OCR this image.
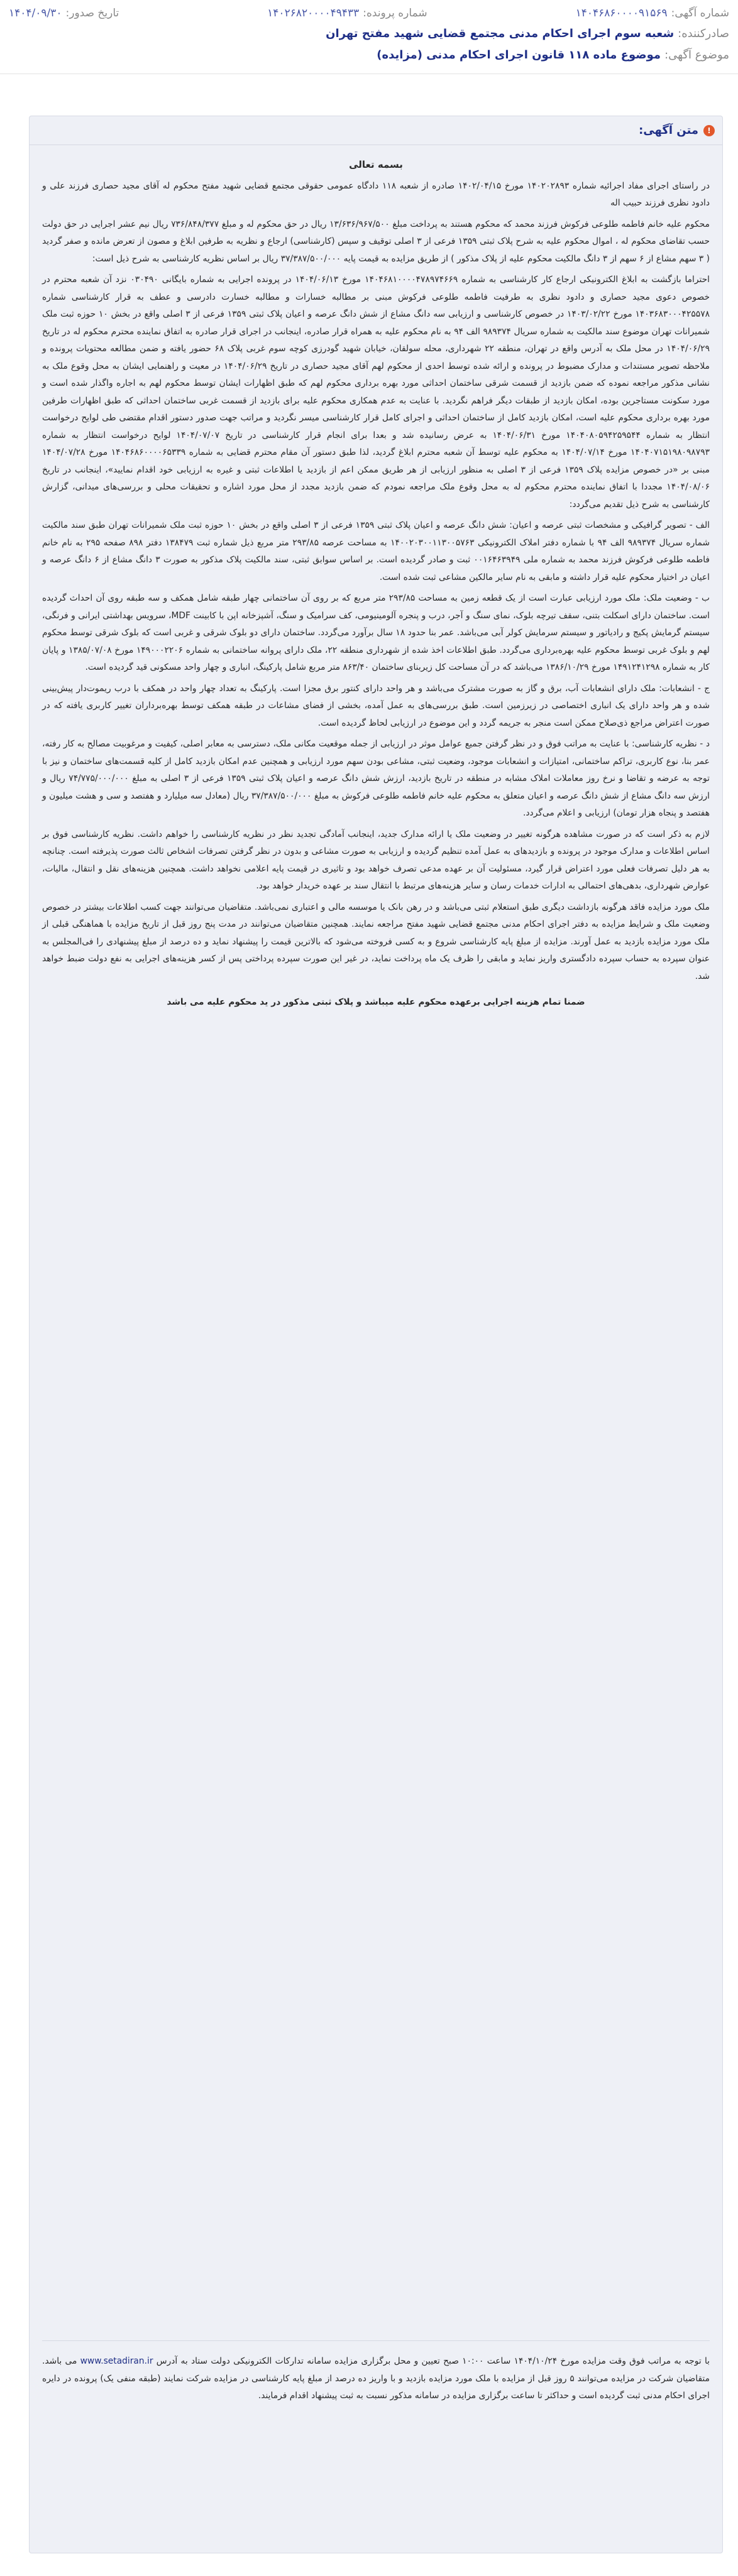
شماره آگهی:
۱۴۰۴۶۸۶۰۰۰۰۹۱۵۶۹
شماره پرونده:
۱۴۰۲۶۸۲۰۰۰۰۴۹۴۳۳
تاریخ صدور:
۱۴۰۴/۰۹/۳۰
صادرکننده:
شعبه سوم اجرای احکام مدنی مجتمع قضایی شهید مفتح تهران
موضوع آگهی:
موضوع ماده ۱۱۸ قانون اجرای احکام مدنی (مزایده)
!
متن آگهی:

بسمه تعالی

در راستای اجرای مفاد اجرائیه شماره ۱۴۰۲۰۲۸۹۳ مورخ ۱۴۰۲/۰۴/۱۵ صادره از شعبه ۱۱۸ دادگاه عمومی حقوقی مجتمع قضایی شهید مفتح محکوم له آقای مجید حصاری فرزند علی و دادود نظری فرزند حبیب اله

محکوم علیه خانم فاطمه طلوعی فرکوش فرزند محمد که محکوم هستند به پرداخت مبلغ ۱۳/۶۳۶/۹۶۷/۵۰۰ ریال در حق محکوم له و مبلغ ۷۳۶/۸۴۸/۳۷۷ ریال نیم عشر اجرایی در حق دولت حسب تقاضای محکوم له ، اموال محکوم علیه به شرح پلاک ثبتی ۱۳۵۹ فرعی از ۳ اصلی توقیف و سپس (کارشناسی) ارجاع و نظریه به طرفین ابلاغ و مصون از تعرض مانده و صفر گردید ( ۳ سهم مشاع از ۶ سهم از ۳ دانگ مالکیت محکوم علیه از پلاک مذکور ) از طریق مزایده به قیمت پایه ۳۷/۳۸۷/۵۰۰/۰۰۰ ریال بر اساس نظریه کارشناسی به شرح ذیل است:

احتراما بازگشت به ابلاغ الکترونیکی ارجاع کار کارشناسی به شماره ۱۴۰۴۶۸۱۰۰۰۰۴۷۸۹۷۴۶۶۹ مورخ ۱۴۰۴/۰۶/۱۳ در پرونده اجرایی به شماره بایگانی ۰۳۰۴۹۰ نزد آن شعبه محترم در خصوص دعوی مجید حصاری و دادود نظری به طرفیت فاطمه طلوعی فرکوش مبنی بر مطالبه خسارات و مطالبه خسارت دادرسی و عطف به قرار کارشناسی شماره ۱۴۰۳۶۸۳۰۰۰۴۲۵۵۷۸ مورخ ۱۴۰۳/۰۲/۲۲ در خصوص کارشناسی و ارزیابی سه دانگ مشاع از شش دانگ عرصه و اعیان پلاک ثبتی ۱۳۵۹ فرعی از ۳ اصلی واقع در بخش ۱۰ حوزه ثبت ملک شمیرانات تهران موضوع سند مالکیت به شماره سریال ۹۸۹۳۷۴ الف ۹۴ به نام محکوم علیه به همراه قرار صادره، اینجانب در اجرای قرار صادره به اتفاق نماینده محترم محکوم له در تاریخ ۱۴۰۴/۰۶/۲۹ در محل ملک به آدرس واقع در تهران، منطقه ۲۲ شهرداری، محله سولقان، خیابان شهید گودرزی کوچه سوم غربی پلاک ۶۸ حضور یافته و ضمن مطالعه محتویات پرونده و ملاحظه تصویر مستندات و مدارک مضبوط در پرونده و ارائه شده توسط احدی از محکوم لهم آقای مجید حصاری در تاریخ ۱۴۰۴/۰۶/۲۹ در معیت و راهنمایی ایشان به محل وقوع ملک به نشانی مذکور مراجعه نموده که ضمن بازدید از قسمت شرقی ساختمان احداثی مورد بهره برداری محکوم لهم که طبق اظهارات ایشان توسط محکوم لهم به اجاره واگذار شده است و مورد سکونت مستاجرین بوده، امکان بازدید از طبقات دیگر فراهم نگردید. با عنایت به عدم همکاری محکوم علیه برای بازدید از قسمت غربی ساختمان احداثی که طبق اظهارات طرفین مورد بهره برداری محکوم علیه است، امکان بازدید کامل از ساختمان احداثی و اجرای کامل قرار کارشناسی میسر نگردید و مراتب جهت صدور دستور اقدام مقتضی طی لوایح درخواست انتظار به شماره ۱۴۰۴۰۸۰۵۹۴۲۵۹۵۴۴ مورخ ۱۴۰۴/۰۶/۳۱ به عرض رسانیده شد و بعدا برای انجام قرار کارشناسی در تاریخ ۱۴۰۴/۰۷/۰۷ لوایح درخواست انتظار به شماره ۱۴۰۴۰۷۱۵۱۹۸۰۹۸۷۹۳ مورخ ۱۴۰۴/۰۷/۱۴ به محکوم علیه توسط آن شعبه محترم ابلاغ گردید، لذا طبق دستور آن مقام محترم قضایی به شماره ۱۴۰۴۶۸۶۰۰۰۰۶۵۳۳۹ مورخ ۱۴۰۴/۰۷/۲۸ مبنی بر «در خصوص مزایده پلاک ۱۳۵۹ فرعی از ۳ اصلی به منظور ارزیابی از هر طریق ممکن اعم از بازدید یا اطلاعات ثبتی و غیره به ارزیابی خود اقدام نمایید»، اینجانب در تاریخ ۱۴۰۴/۰۸/۰۶ مجددا با اتفاق نماینده محترم محکوم له به محل وقوع ملک مراجعه نمودم که ضمن بازدید مجدد از محل مورد اشاره و تحقیقات محلی و بررسی‌های میدانی، گزارش کارشناسی به شرح ذیل تقدیم می‌گردد:

الف - تصویر گرافیکی و مشخصات ثبتی عرصه و اعیان: شش دانگ عرصه و اعیان پلاک ثبتی ۱۳۵۹ فرعی از ۳ اصلی واقع در بخش ۱۰ حوزه ثبت ملک شمیرانات تهران طبق سند مالکیت شماره سریال ۹۸۹۳۷۴ الف ۹۴ با شماره دفتر املاک الکترونیکی ۱۴۰۰۲۰۳۰۰۱۱۳۰۰۵۷۶۳ به مساحت عرصه ۲۹۳/۸۵ متر مربع ذیل شماره ثبت ۱۳۸۴۷۹ دفتر ۸۹۸ صفحه ۲۹۵ به نام خانم فاطمه طلوعی فرکوش فرزند محمد به شماره ملی ۰۰۱۶۴۶۳۹۴۹ ثبت و صادر گردیده است. بر اساس سوابق ثبتی، سند مالکیت پلاک مذکور به صورت ۳ دانگ مشاع از ۶ دانگ عرصه و اعیان در اختیار محکوم علیه قرار داشته و مابقی به نام سایر مالکین مشاعی ثبت شده است.

ب - وضعیت ملک: ملک مورد ارزیابی عبارت است از یک قطعه زمین به مساحت ۲۹۳/۸۵ متر مربع که بر روی آن ساختمانی چهار طبقه شامل همکف و سه طبقه روی آن احداث گردیده است. ساختمان دارای اسکلت بتنی، سقف تیرچه بلوک، نمای سنگ و آجر، درب و پنجره آلومینیومی، کف سرامیک و سنگ، آشپزخانه اپن با کابینت MDF، سرویس بهداشتی ایرانی و فرنگی، سیستم گرمایش پکیج و رادیاتور و سیستم سرمایش کولر آبی می‌باشد. عمر بنا حدود ۱۸ سال برآورد می‌گردد. ساختمان دارای دو بلوک شرقی و غربی است که بلوک شرقی توسط محکوم لهم و بلوک غربی توسط محکوم علیه بهره‌برداری می‌گردد. طبق اطلاعات اخذ شده از شهرداری منطقه ۲۲، ملک دارای پروانه ساختمانی به شماره ۱۴۹۰۰۰۲۲۰۶ مورخ ۱۳۸۵/۰۷/۰۸ و پایان کار به شماره ۱۴۹۱۲۴۱۲۹۸ مورخ ۱۳۸۶/۱۰/۲۹ می‌باشد که در آن مساحت کل زیربنای ساختمان ۸۶۳/۴۰ متر مربع شامل پارکینگ، انباری و چهار واحد مسکونی قید گردیده است.

ج - انشعابات: ملک دارای انشعابات آب، برق و گاز به صورت مشترک می‌باشد و هر واحد دارای کنتور برق مجزا است. پارکینگ به تعداد چهار واحد در همکف با درب ریموت‌دار پیش‌بینی شده و هر واحد دارای یک انباری اختصاصی در زیرزمین است. طبق بررسی‌های به عمل آمده، بخشی از فضای مشاعات در طبقه همکف توسط بهره‌برداران تغییر کاربری یافته که در صورت اعتراض مراجع ذی‌صلاح ممکن است منجر به جریمه گردد و این موضوع در ارزیابی لحاظ گردیده است.

د - نظریه کارشناسی: با عنایت به مراتب فوق و در نظر گرفتن جمیع عوامل موثر در ارزیابی از جمله موقعیت مکانی ملک، دسترسی به معابر اصلی، کیفیت و مرغوبیت مصالح به کار رفته، عمر بنا، نوع کاربری، تراکم ساختمانی، امتیازات و انشعابات موجود، وضعیت ثبتی، مشاعی بودن سهم مورد ارزیابی و همچنین عدم امکان بازدید کامل از کلیه قسمت‌های ساختمان و نیز با توجه به عرضه و تقاضا و نرخ روز معاملات املاک مشابه در منطقه در تاریخ بازدید، ارزش شش دانگ عرصه و اعیان پلاک ثبتی ۱۳۵۹ فرعی از ۳ اصلی به مبلغ ۷۴/۷۷۵/۰۰۰/۰۰۰ ریال و ارزش سه دانگ مشاع از شش دانگ عرصه و اعیان متعلق به محکوم علیه خانم فاطمه طلوعی فرکوش به مبلغ ۳۷/۳۸۷/۵۰۰/۰۰۰ ریال (معادل سه میلیارد و هفتصد و سی و هشت میلیون و هفتصد و پنجاه هزار تومان) ارزیابی و اعلام می‌گردد.

لازم به ذکر است که در صورت مشاهده هرگونه تغییر در وضعیت ملک یا ارائه مدارک جدید، اینجانب آمادگی تجدید نظر در نظریه کارشناسی را خواهم داشت. نظریه کارشناسی فوق بر اساس اطلاعات و مدارک موجود در پرونده و بازدیدهای به عمل آمده تنظیم گردیده و ارزیابی به صورت مشاعی و بدون در نظر گرفتن تصرفات اشخاص ثالث صورت پذیرفته است. چنانچه به هر دلیل تصرفات فعلی مورد اعتراض قرار گیرد، مسئولیت آن بر عهده مدعی تصرف خواهد بود و تاثیری در قیمت پایه اعلامی نخواهد داشت. همچنین هزینه‌های نقل و انتقال، مالیات، عوارض شهرداری، بدهی‌های احتمالی به ادارات خدمات رسان و سایر هزینه‌های مرتبط با انتقال سند بر عهده خریدار خواهد بود.

ملک مورد مزایده فاقد هرگونه بازداشت دیگری طبق استعلام ثبتی می‌باشد و در رهن بانک یا موسسه مالی و اعتباری نمی‌باشد. متقاضیان می‌توانند جهت کسب اطلاعات بیشتر در خصوص وضعیت ملک و شرایط مزایده به دفتر اجرای احکام مدنی مجتمع قضایی شهید مفتح مراجعه نمایند. همچنین متقاضیان می‌توانند در مدت پنج روز قبل از تاریخ مزایده با هماهنگی قبلی از ملک مورد مزایده بازدید به عمل آورند. مزایده از مبلغ پایه کارشناسی شروع و به کسی فروخته می‌شود که بالاترین قیمت را پیشنهاد نماید و ده درصد از مبلغ پیشنهادی را فی‌المجلس به عنوان سپرده به حساب سپرده دادگستری واریز نماید و مابقی را ظرف یک ماه پرداخت نماید، در غیر این صورت سپرده پرداختی پس از کسر هزینه‌های اجرایی به نفع دولت ضبط خواهد شد.

ضمنا تمام هزینه اجرایی برعهده محکوم علیه میباشد و پلاک ثبتی مذکور در ید محکوم علیه می باشد

با توجه به مراتب فوق وقت مزایده مورخ ۱۴۰۴/۱۰/۲۴ ساعت ۱۰:۰۰ صبح تعیین و محل برگزاری مزایده سامانه تدارکات الکترونیکی دولت ستاد به آدرس www.setadiran.ir می باشد. متقاضیان شرکت در مزایده می‌توانند ۵ روز قبل از مزایده با ملک مورد مزایده بازدید و با واریز ده درصد از مبلغ پایه کارشناسی در مزایده شرکت نمایند (طبقه منفی یک) پرونده در دایره اجرای احکام مدنی ثبت گردیده است و حداکثر تا ساعت برگزاری مزایده در سامانه مذکور نسبت به ثبت پیشنهاد اقدام فرمایند.
